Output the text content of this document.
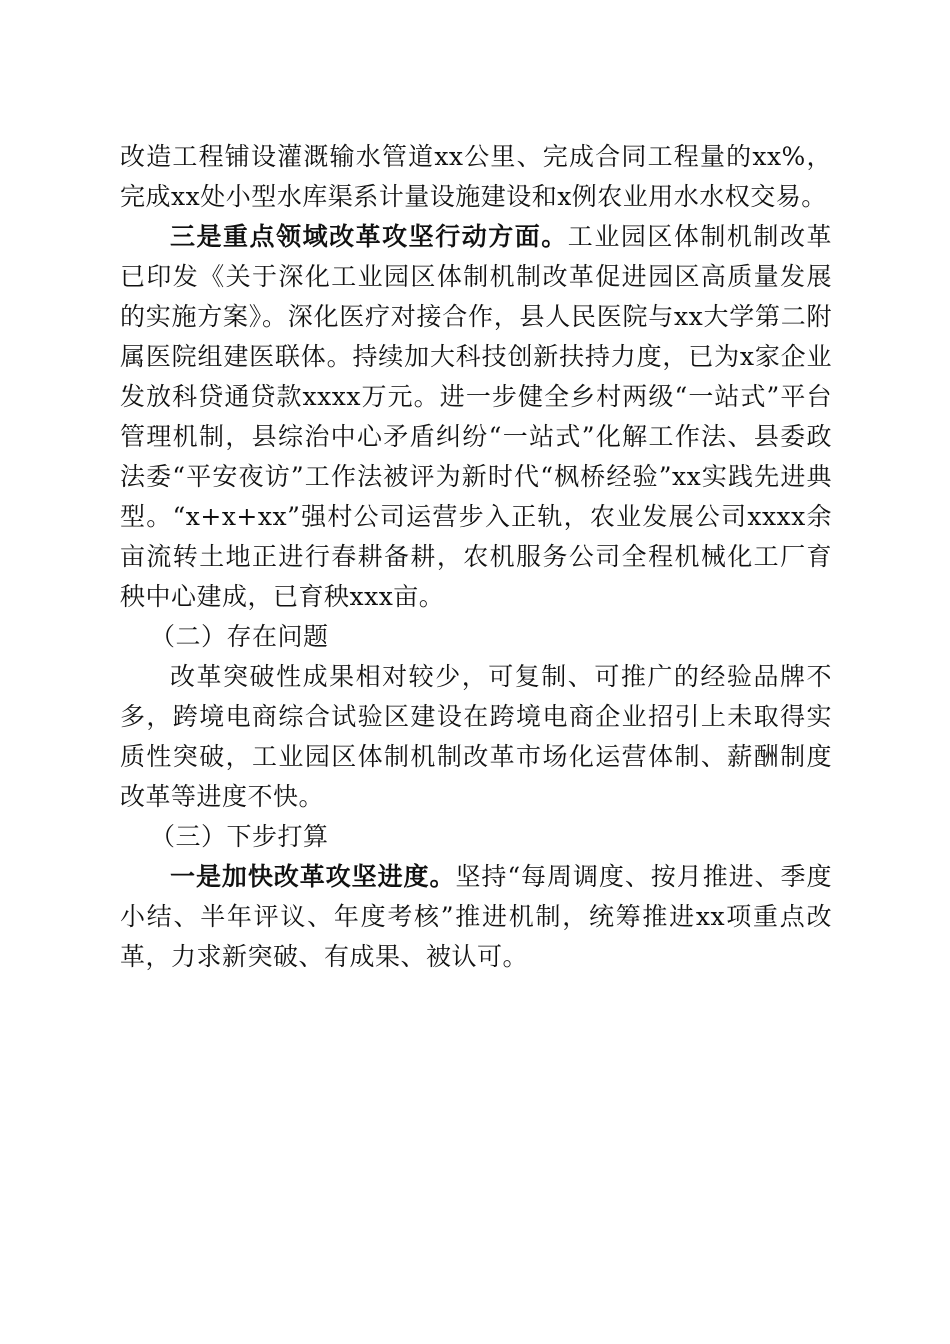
改造工程铺设灌溉输水管道xx公里、完成合同工程量的xx%，完成xx处小型水库渠系计量设施建设和x例农业用水水权交易。

三是重点领域改革攻坚行动方面。工业园区体制机制改革已印发《关于深化工业园区体制机制改革促进园区高质量发展的实施方案》。深化医疗对接合作，县人民医院与xx大学第二附属医院组建医联体。持续加大科技创新扶持力度，已为x家企业发放科贷通贷款xxxx万元。进一步健全乡村两级“一站式”平台管理机制，县综治中心矛盾纠纷“一站式”化解工作法、县委政法委“平安夜访”工作法被评为新时代“枫桥经验”xx实践先进典型。“x+x+xx”强村公司运营步入正轨，农业发展公司xxxx余亩流转土地正进行春耕备耕，农机服务公司全程机械化工厂育秧中心建成，已育秧xxx亩。

（二）存在问题

改革突破性成果相对较少，可复制、可推广的经验品牌不多，跨境电商综合试验区建设在跨境电商企业招引上未取得实质性突破，工业园区体制机制改革市场化运营体制、薪酬制度改革等进度不快。

（三）下步打算

一是加快改革攻坚进度。坚持“每周调度、按月推进、季度小结、半年评议、年度考核”推进机制，统筹推进xx项重点改革，力求新突破、有成果、被认可。
